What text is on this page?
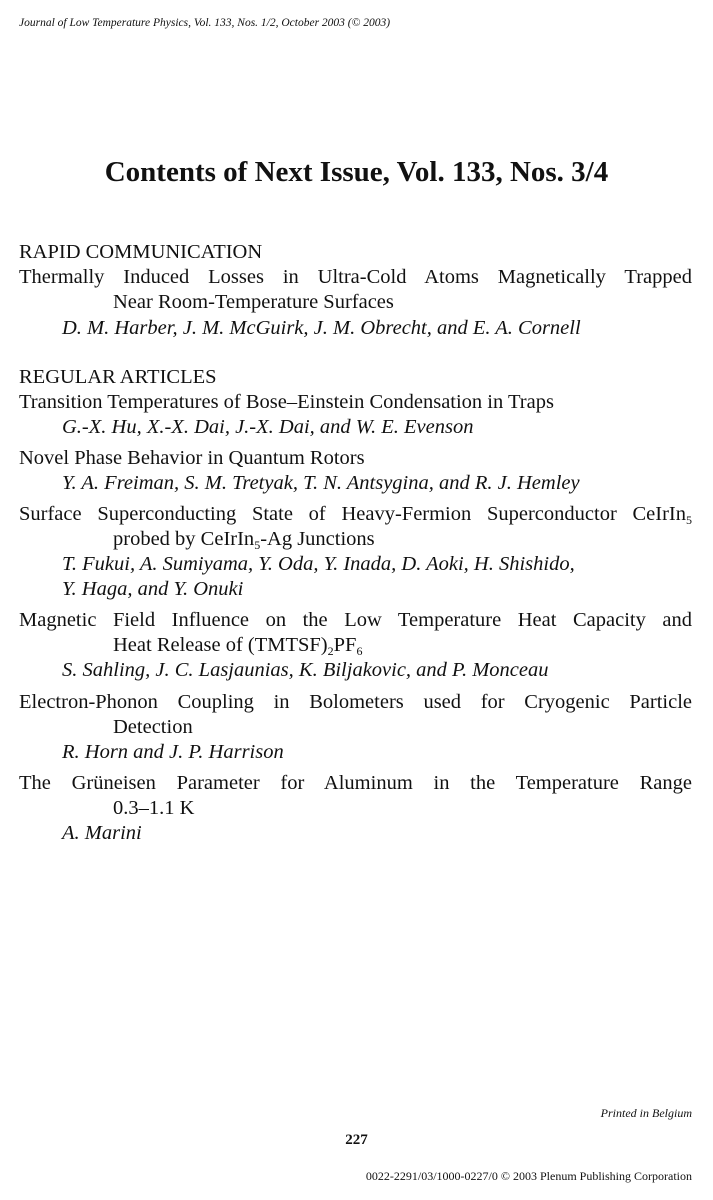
Journal of Low Temperature Physics, Vol. 133, Nos. 1/2, October 2003 (© 2003)
Contents of Next Issue, Vol. 133, Nos. 3/4
RAPID COMMUNICATION
Thermally Induced Losses in Ultra-Cold Atoms Magnetically Trapped
Near Room-Temperature Surfaces
D. M. Harber, J. M. McGuirk, J. M. Obrecht, and E. A. Cornell
REGULAR ARTICLES
Transition Temperatures of Bose–Einstein Condensation in Traps
G.-X. Hu, X.-X. Dai, J.-X. Dai, and W. E. Evenson
Novel Phase Behavior in Quantum Rotors
Y. A. Freiman, S. M. Tretyak, T. N. Antsygina, and R. J. Hemley
Surface Superconducting State of Heavy-Fermion Superconductor CeIrIn$_5$
probed by CeIrIn$_5$-Ag Junctions
T. Fukui, A. Sumiyama, Y. Oda, Y. Inada, D. Aoki, H. Shishido,
Y. Haga, and Y. Onuki
Magnetic Field Influence on the Low Temperature Heat Capacity and
Heat Release of $(TMTSF)_2PF_6$
S. Sahling, J. C. Lasjaunias, K. Biljakovic, and P. Monceau
Electron-Phonon Coupling in Bolometers used for Cryogenic Particle
Detection
R. Horn and J. P. Harrison
The Grüneisen Parameter for Aluminum in the Temperature Range
0.3–1.1 K
A. Marini
Printed in Belgium
227
0022-2291/03/1000-0227/0 © 2003 Plenum Publishing Corporation
